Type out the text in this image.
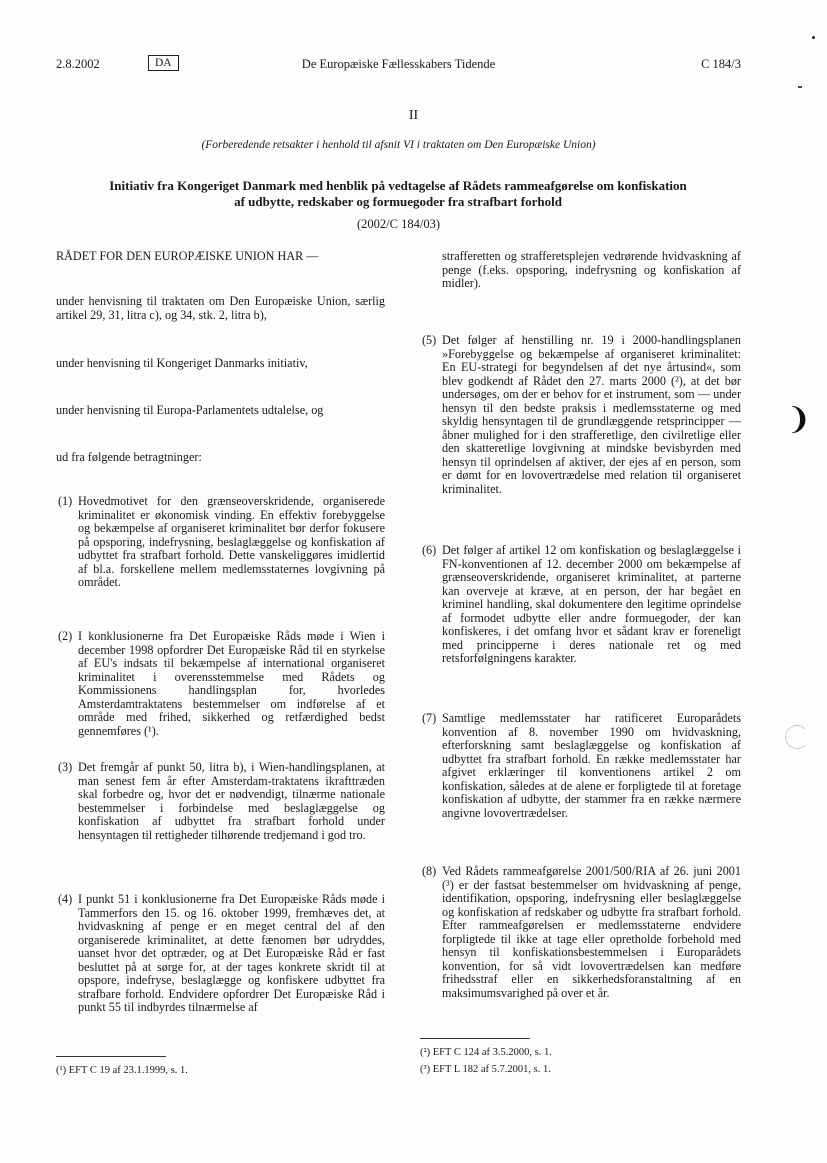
2.8.2002	DA	De Europæiske Fællesskabers Tidende	C 184/3
II
(Forberedende retsakter i henhold til afsnit VI i traktaten om Den Europæiske Union)
Initiativ fra Kongeriget Danmark med henblik på vedtagelse af Rådets rammeafgørelse om konfiskation af udbytte, redskaber og formuegoder fra strafbart forhold
(2002/C 184/03)
RÅDET FOR DEN EUROPÆISKE UNION HAR —
under henvisning til traktaten om Den Europæiske Union, særlig artikel 29, 31, litra c), og 34, stk. 2, litra b),
under henvisning til Kongeriget Danmarks initiativ,
under henvisning til Europa-Parlamentets udtalelse, og
ud fra følgende betragtninger:
(1) Hovedmotivet for den grænseoverskridende, organiserede kriminalitet er økonomisk vinding. En effektiv forebyggelse og bekæmpelse af organiseret kriminalitet bør derfor fokusere på opsporing, indefrysning, beslaglæggelse og konfiskation af udbyttet fra strafbart forhold. Dette vanskeliggøres imidlertid af bl.a. forskellene mellem medlemsstaternes lovgivning på området.
(2) I konklusionerne fra Det Europæiske Råds møde i Wien i december 1998 opfordrer Det Europæiske Råd til en styrkelse af EU's indsats til bekæmpelse af international organiseret kriminalitet i overensstemmelse med Rådets og Kommissionens handlingsplan for, hvorledes Amsterdamtraktatens bestemmelser om indførelse af et område med frihed, sikkerhed og retfærdighed bedst gennemføres (¹).
(3) Det fremgår af punkt 50, litra b), i Wien-handlingsplanen, at man senest fem år efter Amsterdam-traktatens ikrafttræden skal forbedre og, hvor det er nødvendigt, tilnærme nationale bestemmelser i forbindelse med beslaglæggelse og konfiskation af udbyttet fra strafbart forhold under hensyntagen til rettigheder tilhørende tredjemand i god tro.
(4) I punkt 51 i konklusionerne fra Det Europæiske Råds møde i Tammerfors den 15. og 16. oktober 1999, fremhæves det, at hvidvaskning af penge er en meget central del af den organiserede kriminalitet, at dette fænomen bør udryddes, uanset hvor det optræder, og at Det Europæiske Råd er fast besluttet på at sørge for, at der tages konkrete skridt til at opspore, indefryse, beslaglægge og konfiskere udbyttet fra strafbare forhold. Endvidere opfordrer Det Europæiske Råd i punkt 55 til indbyrdes tilnærmelse af
(¹) EFT C 19 af 23.1.1999, s. 1.
strafferetten og strafferetsplejen vedrørende hvidvaskning af penge (f.eks. opsporing, indefrysning og konfiskation af midler).
(5) Det følger af henstilling nr. 19 i 2000-handlingsplanen »Forebyggelse og bekæmpelse af organiseret kriminalitet: En EU-strategi for begyndelsen af det nye årtusind«, som blev godkendt af Rådet den 27. marts 2000 (²), at det bør undersøges, om der er behov for et instrument, som — under hensyn til den bedste praksis i medlemsstaterne og med skyldig hensyntagen til de grundlæggende retsprincipper — åbner mulighed for i den strafferetlige, den civilretlige eller den skatteretlige lovgivning at mindske bevisbyrden med hensyn til oprindelsen af aktiver, der ejes af en person, som er dømt for en lovovertrædelse med relation til organiseret kriminalitet.
(6) Det følger af artikel 12 om konfiskation og beslaglæggelse i FN-konventionen af 12. december 2000 om bekæmpelse af grænseoverskridende, organiseret kriminalitet, at parterne kan overveje at kræve, at en person, der har begået en kriminel handling, skal dokumentere den legitime oprindelse af formodet udbytte eller andre formuegoder, der kan konfiskeres, i det omfang hvor et sådant krav er foreneligt med principperne i deres nationale ret og med retsforfølgningens karakter.
(7) Samtlige medlemsstater har ratificeret Europarådets konvention af 8. november 1990 om hvidvaskning, efterforskning samt beslaglæggelse og konfiskation af udbyttet fra strafbart forhold. En række medlemsstater har afgivet erklæringer til konventionens artikel 2 om konfiskation, således at de alene er forpligtede til at foretage konfiskation af udbytte, der stammer fra en række nærmere angivne lovovertrædelser.
(8) Ved Rådets rammeafgørelse 2001/500/RIA af 26. juni 2001 (³) er der fastsat bestemmelser om hvidvaskning af penge, identifikation, opsporing, indefrysning eller beslaglæggelse og konfiskation af redskaber og udbytte fra strafbart forhold. Efter rammeafgørelsen er medlemsstaterne endvidere forpligtede til ikke at tage eller opretholde forbehold med hensyn til konfiskationsbestemmelsen i Europarådets konvention, for så vidt lovovertrædelsen kan medføre frihedsstraf eller en sikkerhedsforanstaltning af en maksimumsvarighed på over et år.
(²) EFT C 124 af 3.5.2000, s. 1.
(³) EFT L 182 af 5.7.2001, s. 1.
❩
